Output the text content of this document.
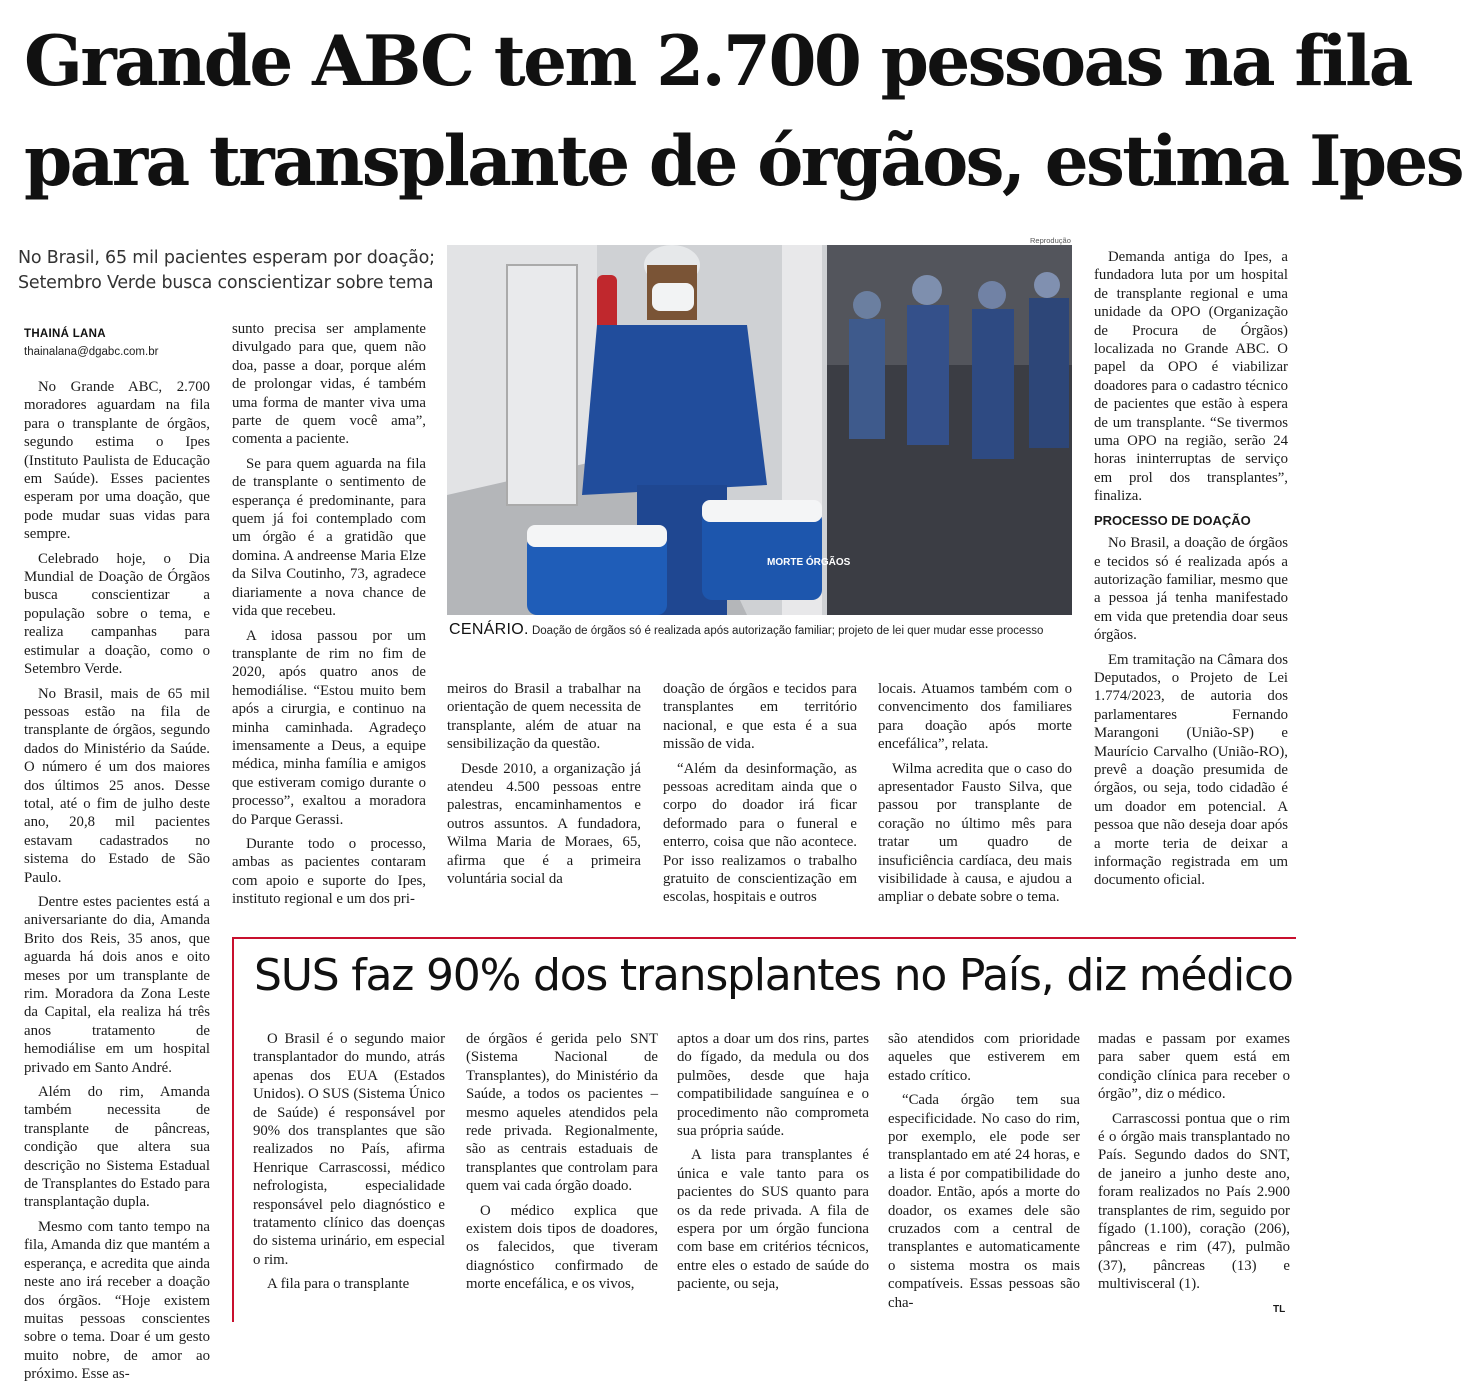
Grande ABC tem 2.700 pessoas na fila
para transplante de órgãos, estima Ipes
No Brasil, 65 mil pacientes esperam por doação;
Setembro Verde busca conscientizar sobre tema
THAINÁ LANA
thainalana@dgabc.com.br

No Grande ABC, 2.700 moradores aguardam na fila para o transplante de órgãos, segundo estima o Ipes (Instituto Paulista de Educação em Saúde). Esses pacientes esperam por uma doação, que pode mudar suas vidas para sempre.

Celebrado hoje, o Dia Mundial de Doação de Órgãos busca conscientizar a população sobre o tema, e realiza campanhas para estimular a doação, como o Setembro Verde.

No Brasil, mais de 65 mil pessoas estão na fila de transplante de órgãos, segundo dados do Ministério da Saúde. O número é um dos maiores dos últimos 25 anos. Desse total, até o fim de julho deste ano, 20,8 mil pacientes estavam cadastrados no sistema do Estado de São Paulo.

Dentre estes pacientes está a aniversariante do dia, Amanda Brito dos Reis, 35 anos, que aguarda há dois anos e oito meses por um transplante de rim. Moradora da Zona Leste da Capital, ela realiza há três anos tratamento de hemodiálise em um hospital privado em Santo André.

Além do rim, Amanda também necessita de transplante de pâncreas, condição que altera sua descrição no Sistema Estadual de Transplantes do Estado para transplantação dupla.

Mesmo com tanto tempo na fila, Amanda diz que mantém a esperança, e acredita que ainda neste ano irá receber a doação dos órgãos. “Hoje existem muitas pessoas conscientes sobre o tema. Doar é um gesto muito nobre, de amor ao próximo. Esse as-

sunto precisa ser amplamente divulgado para que, quem não doa, passe a doar, porque além de prolongar vidas, é também uma forma de manter viva uma parte de quem você ama”, comenta a paciente.

Se para quem aguarda na fila de transplante o sentimento de esperança é predominante, para quem já foi contemplado com um órgão é a gratidão que domina. A andreense Maria Elze da Silva Coutinho, 73, agradece diariamente a nova chance de vida que recebeu.

A idosa passou por um transplante de rim no fim de 2020, após quatro anos de hemodiálise. “Estou muito bem após a cirurgia, e continuo na minha caminhada. Agradeço imensamente a Deus, a equipe médica, minha família e amigos que estiveram comigo durante o processo”, exaltou a moradora do Parque Gerassi.

Durante todo o processo, ambas as pacientes contaram com apoio e suporte do Ipes, instituto regional e um dos pri-

Reprodução
MORTE ÓRGÃOS
CENÁRIO. Doação de órgãos só é realizada após autorização familiar; projeto de lei quer mudar esse processo

meiros do Brasil a trabalhar na orientação de quem necessita de transplante, além de atuar na sensibilização da questão.

Desde 2010, a organização já atendeu 4.500 pessoas entre palestras, encaminhamentos e outros assuntos. A fundadora, Wilma Maria de Moraes, 65, afirma que é a primeira voluntária social da

doação de órgãos e tecidos para transplantes em território nacional, e que esta é a sua missão de vida.

“Além da desinformação, as pessoas acreditam ainda que o corpo do doador irá ficar deformado para o funeral e enterro, coisa que não acontece. Por isso realizamos o trabalho gratuito de conscientização em escolas, hospitais e outros

locais. Atuamos também com o convencimento dos familiares para doação após morte encefálica”, relata.

Wilma acredita que o caso do apresentador Fausto Silva, que passou por transplante de coração no último mês para tratar um quadro de insuficiência cardíaca, deu mais visibilidade à causa, e ajudou a ampliar o debate sobre o tema.

Demanda antiga do Ipes, a fundadora luta por um hospital de transplante regional e uma unidade da OPO (Organização de Procura de Órgãos) localizada no Grande ABC. O papel da OPO é viabilizar doadores para o cadastro técnico de pacientes que estão à espera de um transplante. “Se tivermos uma OPO na região, serão 24 horas ininterruptas de serviço em prol dos transplantes”, finaliza.

PROCESSO DE DOAÇÃO

No Brasil, a doação de órgãos e tecidos só é realizada após a autorização familiar, mesmo que a pessoa já tenha manifestado em vida que pretendia doar seus órgãos.

Em tramitação na Câmara dos Deputados, o Projeto de Lei 1.774/2023, de autoria dos parlamentares Fernando Marangoni (União-SP) e Maurício Carvalho (União-RO), prevê a doação presumida de órgãos, ou seja, todo cidadão é um doador em potencial. A pessoa que não deseja doar após a morte teria de deixar a informação registrada em um documento oficial.

SUS faz 90% dos transplantes no País, diz médico

O Brasil é o segundo maior transplantador do mundo, atrás apenas dos EUA (Estados Unidos). O SUS (Sistema Único de Saúde) é responsável por 90% dos transplantes que são realizados no País, afirma Henrique Carrascossi, médico nefrologista, especialidade responsável pelo diagnóstico e tratamento clínico das doenças do sistema urinário, em especial o rim.

A fila para o transplante

de órgãos é gerida pelo SNT (Sistema Nacional de Transplantes), do Ministério da Saúde, a todos os pacientes – mesmo aqueles atendidos pela rede privada. Regionalmente, são as centrais estaduais de transplantes que controlam para quem vai cada órgão doado.

O médico explica que existem dois tipos de doadores, os falecidos, que tiveram diagnóstico confirmado de morte encefálica, e os vivos,

aptos a doar um dos rins, partes do fígado, da medula ou dos pulmões, desde que haja compatibilidade sanguínea e o procedimento não comprometa sua própria saúde.

A lista para transplantes é única e vale tanto para os pacientes do SUS quanto para os da rede privada. A fila de espera por um órgão funciona com base em critérios técnicos, entre eles o estado de saúde do paciente, ou seja,

são atendidos com prioridade aqueles que estiverem em estado crítico.

“Cada órgão tem sua especificidade. No caso do rim, por exemplo, ele pode ser transplantado em até 24 horas, e a lista é por compatibilidade do doador. Então, após a morte do doador, os exames dele são cruzados com a central de transplantes e automaticamente o sistema mostra os mais compatíveis. Essas pessoas são cha-

madas e passam por exames para saber quem está em condição clínica para receber o órgão”, diz o médico.

Carrascossi pontua que o rim é o órgão mais transplantado no País. Segundo dados do SNT, de janeiro a junho deste ano, foram realizados no País 2.900 transplantes de rim, seguido por fígado (1.100), coração (206), pâncreas e rim (47), pulmão (37), pâncreas (13) e multivisceral (1).

TL
